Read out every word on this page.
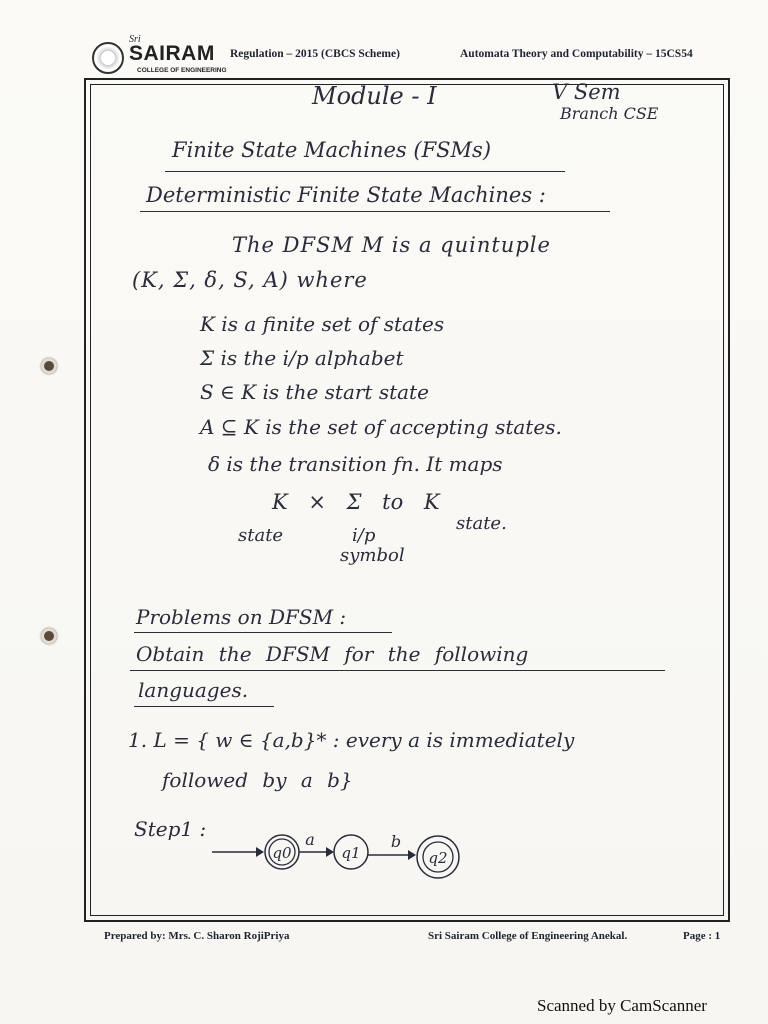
Sri
SAIRAM
COLLEGE OF ENGINEERING
Regulation – 2015 (CBCS Scheme)	Automata Theory and Computability – 15CS54
Module - I	V Sem
Branch CSE
Finite State Machines (FSMs)
Deterministic Finite State Machines :
The DFSM M is a quintuple
(K, Σ, δ, S, A) where
K is a finite set of states
Σ is the i/p alphabet
S ∈ K is the start state
A ⊆ K is the set of accepting states.
δ is the transition fn. It maps
K × Σ to K
state	i/p
symbol
state.
Problems on DFSM :
Obtain the DFSM for the following
languages.
1. L = { w ∈ {a,b}* : every a is immediately
followed by a b}
Step1 :
q0
a
q1
b
q2
Prepared by: Mrs. C. Sharon RojiPriya	Sri Sairam College of Engineering Anekal.	Page : 1
Scanned by CamScanner
